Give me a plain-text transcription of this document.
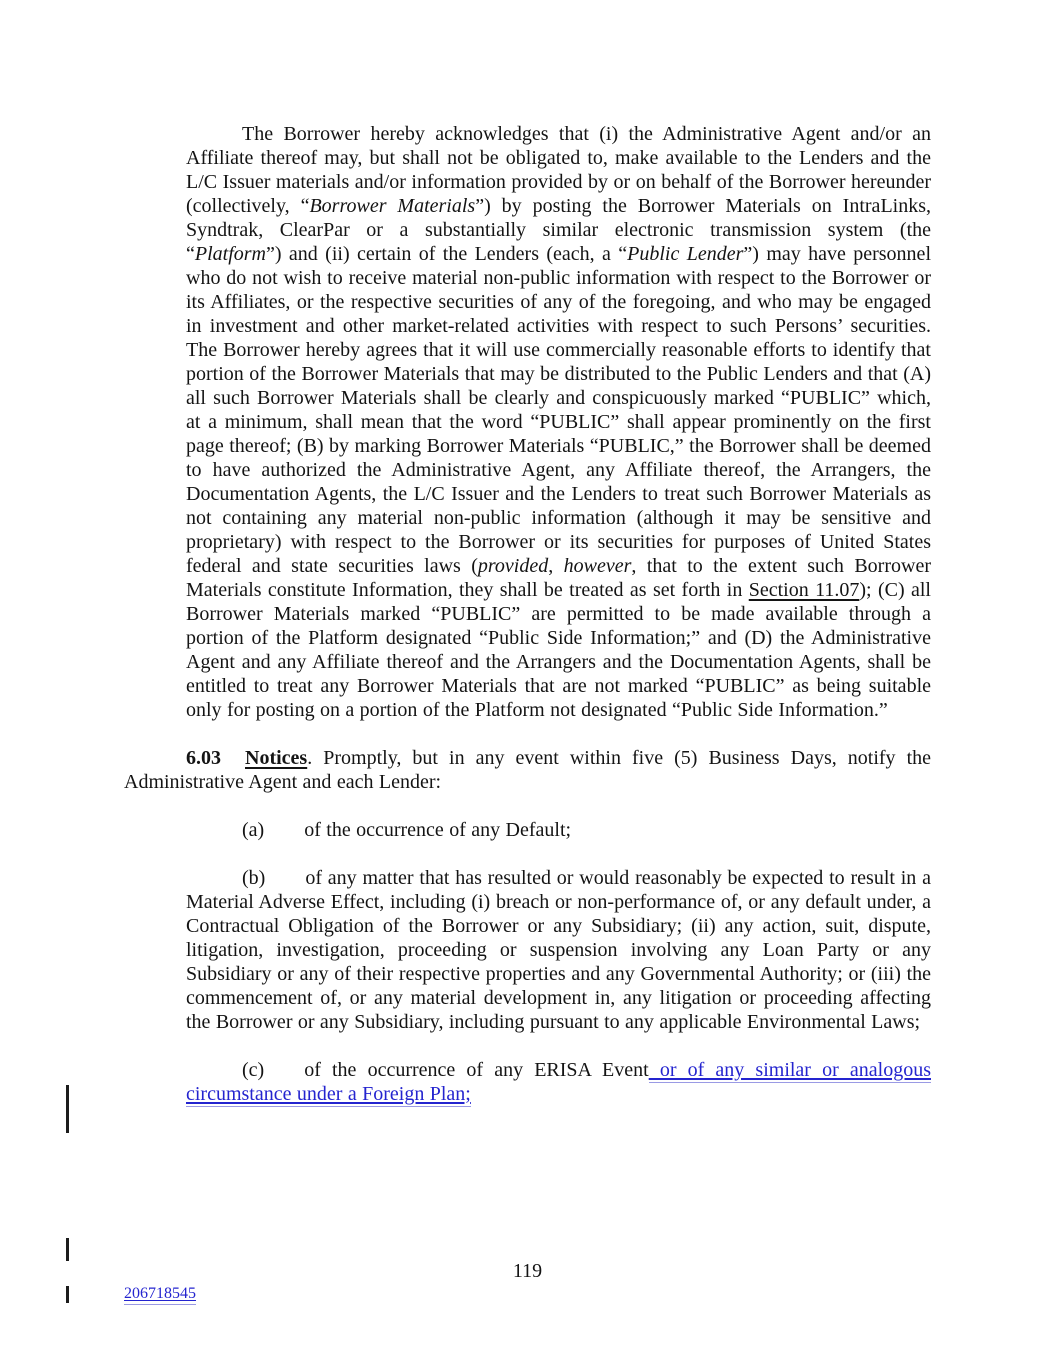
The Borrower hereby acknowledges that (i) the Administrative Agent and/or an Affiliate thereof may, but shall not be obligated to, make available to the Lenders and the L/C Issuer materials and/or information provided by or on behalf of the Borrower hereunder (collectively, “Borrower Materials”) by posting the Borrower Materials on IntraLinks, Syndtrak, ClearPar or a substantially similar electronic transmission system (the “Platform”) and (ii) certain of the Lenders (each, a “Public Lender”) may have personnel who do not wish to receive material non-public information with respect to the Borrower or its Affiliates, or the respective securities of any of the foregoing, and who may be engaged in investment and other market-related activities with respect to such Persons’ securities. The Borrower hereby agrees that it will use commercially reasonable efforts to identify that portion of the Borrower Materials that may be distributed to the Public Lenders and that (A) all such Borrower Materials shall be clearly and conspicuously marked “PUBLIC” which, at a minimum, shall mean that the word “PUBLIC” shall appear prominently on the first page thereof; (B) by marking Borrower Materials “PUBLIC,” the Borrower shall be deemed to have authorized the Administrative Agent, any Affiliate thereof, the Arrangers, the Documentation Agents, the L/C Issuer and the Lenders to treat such Borrower Materials as not containing any material non-public information (although it may be sensitive and proprietary) with respect to the Borrower or its securities for purposes of United States federal and state securities laws (provided, however, that to the extent such Borrower Materials constitute Information, they shall be treated as set forth in Section 11.07); (C) all Borrower Materials marked “PUBLIC” are permitted to be made available through a portion of the Platform designated “Public Side Information;” and (D) the Administrative Agent and any Affiliate thereof and the Arrangers and the Documentation Agents, shall be entitled to treat any Borrower Materials that are not marked “PUBLIC” as being suitable only for posting on a portion of the Platform not designated “Public Side Information.”

6.03 Notices. Promptly, but in any event within five (5) Business Days, notify the Administrative Agent and each Lender:

(a) of the occurrence of any Default;

(b) of any matter that has resulted or would reasonably be expected to result in a Material Adverse Effect, including (i) breach or non-performance of, or any default under, a Contractual Obligation of the Borrower or any Subsidiary; (ii) any action, suit, dispute, litigation, investigation, proceeding or suspension involving any Loan Party or any Subsidiary or any of their respective properties and any Governmental Authority; or (iii) the commencement of, or any material development in, any litigation or proceeding affecting the Borrower or any Subsidiary, including pursuant to any applicable Environmental Laws;

(c) of the occurrence of any ERISA Event or of any similar or analogous circumstance under a Foreign Plan;

119
206718545
